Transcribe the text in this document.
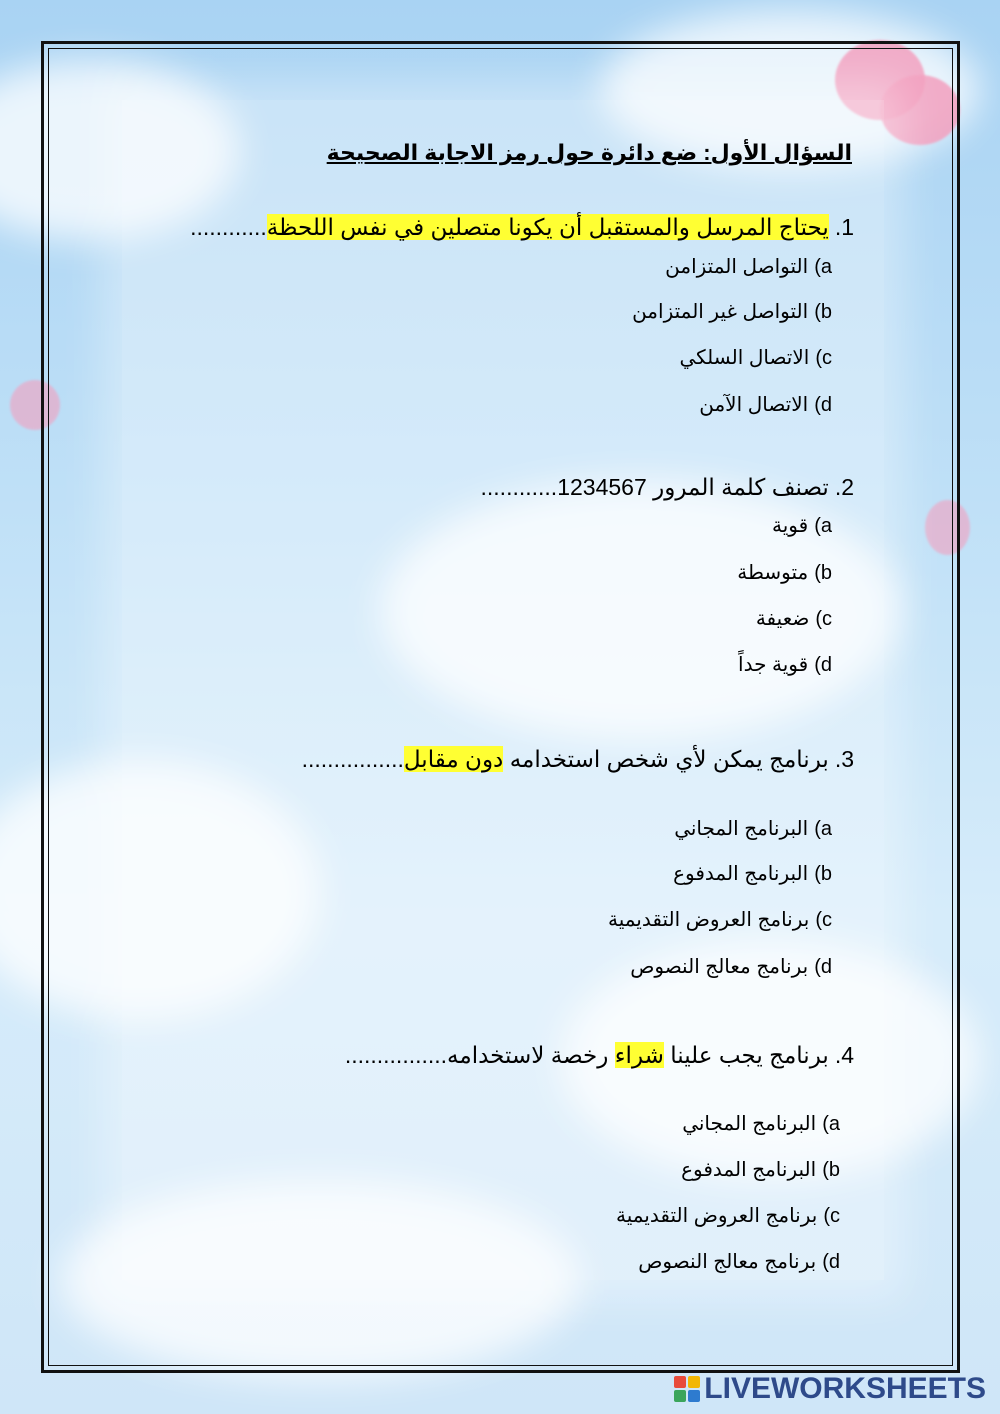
السؤال الأول: ضع دائرة حول رمز الاجابة الصحيحة
1.يحتاج المرسل والمستقبل أن يكونا متصلين في نفس اللحظة............
a)التواصل المتزامن
b)التواصل غير المتزامن
c)الاتصال السلكي
d)الاتصال الآمن
2.تصنف كلمة المرور 1234567............
a)قوية
b)متوسطة
c)ضعيفة
d)قوية جداً
3.برنامج يمكن لأي شخص استخدامه دون مقابل................
a)البرنامج المجاني
b)البرنامج المدفوع
c)برنامج العروض التقديمية
d)برنامج معالج النصوص
4.برنامج يجب علينا شراء رخصة لاستخدامه................
a)البرنامج المجاني
b)البرنامج المدفوع
c)برنامج العروض التقديمية
d)برنامج معالج النصوص
LIVEWORKSHEETS
